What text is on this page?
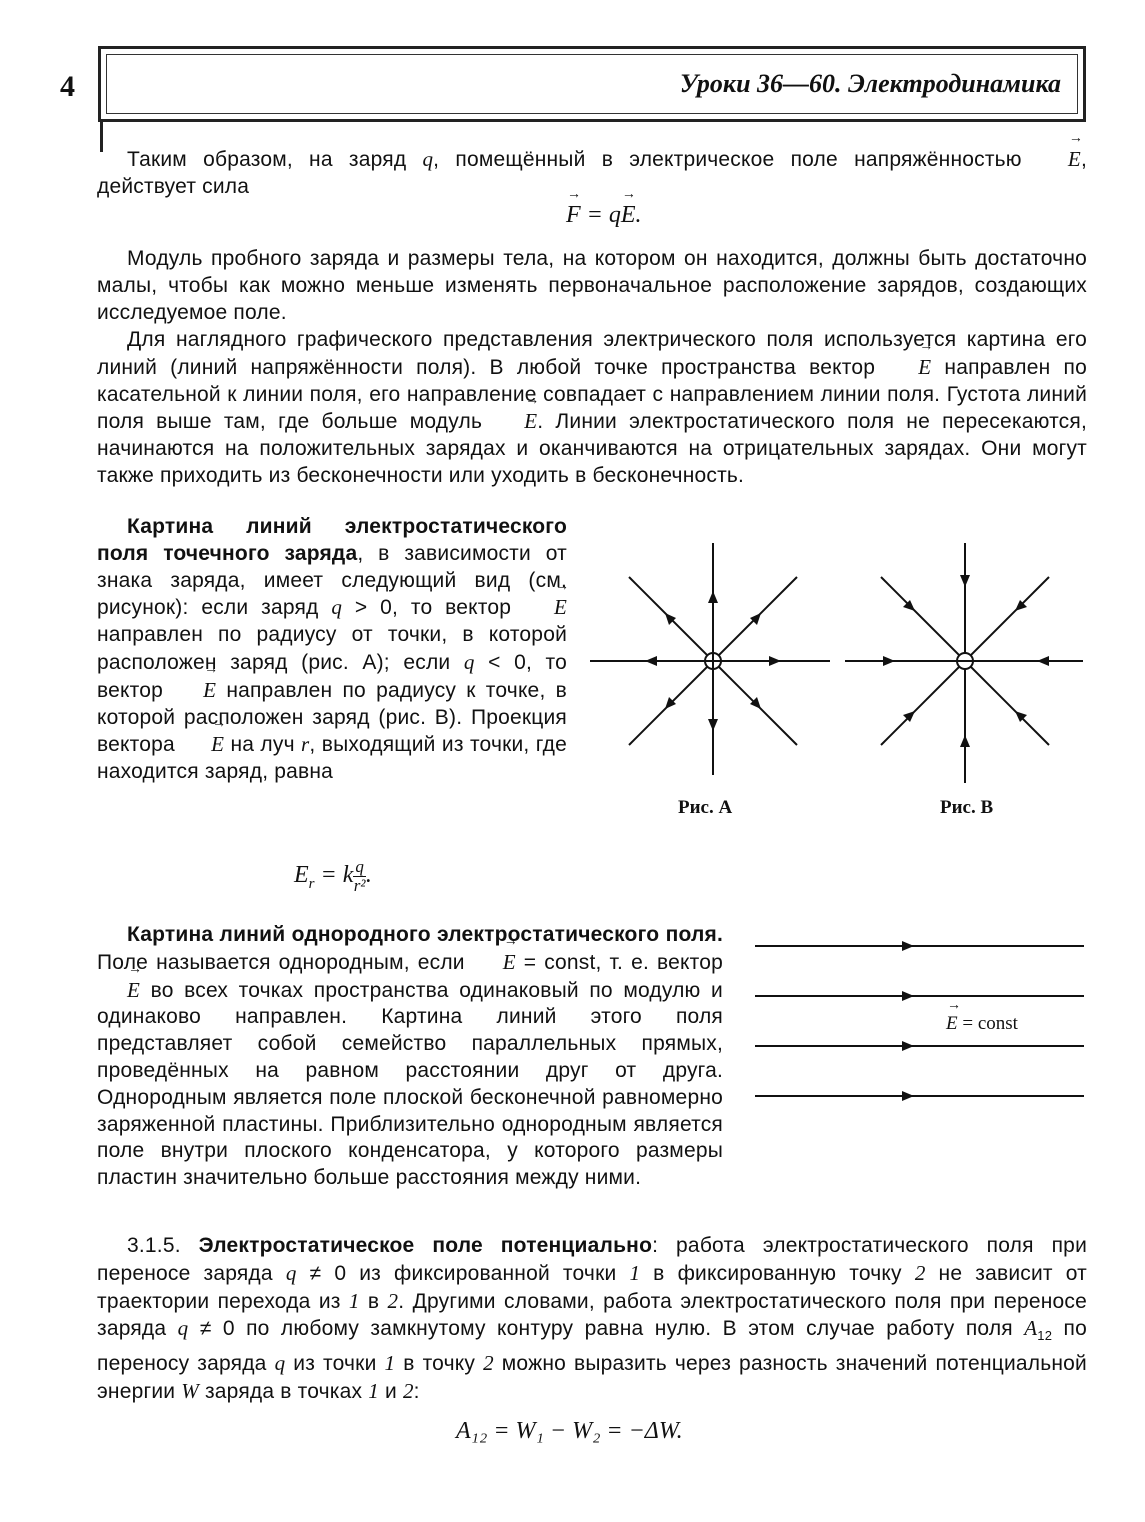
4	Уроки 36—60. Электродинамика
Таким образом, на заряд q, помещённый в электрическое поле напряжённостью → E, действует сила
→ F = q→ E.
Модуль пробного заряда и размеры тела, на котором он находится, должны быть достаточно малы, чтобы как можно меньше изменять первоначальное расположение зарядов, создающих исследуемое поле.
Для наглядного графического представления электрического поля используется картина его линий (линий напряжённости поля). В любой точке пространства вектор → E направлен по касательной к линии поля, его направление совпадает с направлением линии поля. Густота линий поля выше там, где больше модуль → E. Линии электростатического поля не пересекаются, начинаются на положительных зарядах и оканчиваются на отрицательных зарядах. Они могут также приходить из бесконечности или уходить в бесконечность.
Картина линий электростатического поля точечного заряда, в зависимости от знака заряда, имеет следующий вид (см. рисунок): если заряд q > 0, то вектор → E направлен по радиусу от точки, в которой расположен заряд (рис. А); если q < 0, то вектор → E направлен по радиусу к точке, в которой расположен заряд (рис. В). Проекция вектора → E на луч r, выходящий из точки, где находится заряд, равна
$E_r = k \frac{q}{\text{r²}}$ .
Рис. А	Рис. В
Картина линий однородного электростатического поля. Поле называется однородным, если → E = const, т. е. вектор → E во всех точках пространства одинаковый по модулю и одинаково направлен. Картина линий этого поля представляет собой семейство параллельных прямых, проведённых на равном расстоянии друг от друга. Однородным является поле плоской бесконечной равномерно заряженной пластины. Приблизительно однородным является поле внутри плоского конденсатора, у которого размеры пластин значительно больше расстояния между ними.
→ E = const
3.1.5. Электростатическое поле потенциально: работа электростатического поля при переносе заряда q ≠ 0 из фиксированной точки 1 в фиксированную точку 2 не зависит от траектории перехода из 1 в 2. Другими словами, работа электростатического поля при переносе заряда q ≠ 0 по любому замкнутому контуру равна нулю. В этом случае работу поля $A_{12}$ по переносу заряда q из точки 1 в точку 2 можно выразить через разность значений потенциальной энергии W заряда в точках 1 и 2:
A₁₂ = W₁ − W₂ = −ΔW.
